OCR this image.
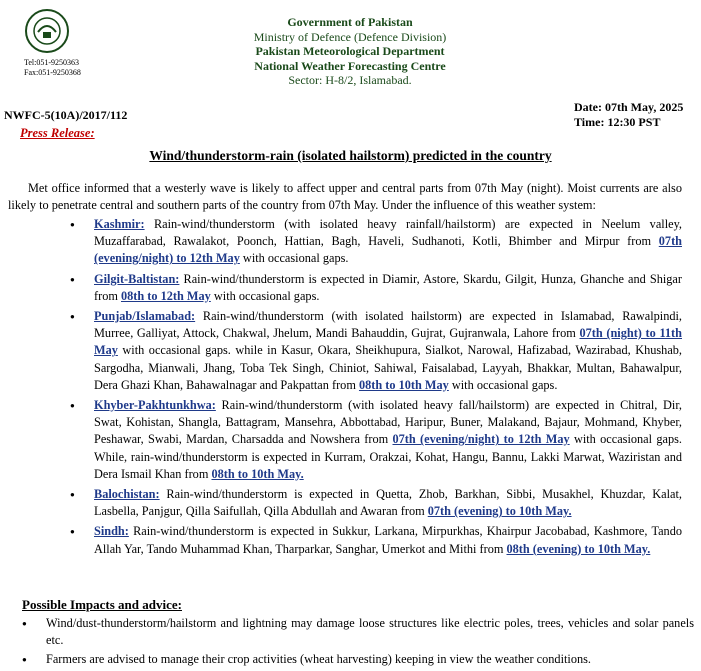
Tel:051-9250363
Fax:051-9250368
Government of Pakistan
Ministry of Defence (Defence Division)
Pakistan Meteorological Department
National Weather Forecasting Centre
Sector: H-8/2, Islamabad.
NWFC-5(10A)/2017/112
Date: 07th May, 2025
Time: 12:30 PST
Press Release:
Wind/thunderstorm-rain (isolated hailstorm) predicted in the country
Met office informed that a westerly wave is likely to affect upper and central parts from 07th May (night). Moist currents are also likely to penetrate central and southern parts of the country from 07th May. Under the influence of this weather system:
● Kashmir: Rain-wind/thunderstorm (with isolated heavy rainfall/hailstorm) are expected in Neelum valley, Muzaffarabad, Rawalakot, Poonch, Hattian, Bagh, Haveli, Sudhanoti, Kotli, Bhimber and Mirpur from 07th (evening/night) to 12th May with occasional gaps.
● Gilgit-Baltistan: Rain-wind/thunderstorm is expected in Diamir, Astore, Skardu, Gilgit, Hunza, Ghanche and Shigar from 08th to 12th May with occasional gaps.
● Punjab/Islamabad: Rain-wind/thunderstorm (with isolated hailstorm) are expected in Islamabad, Rawalpindi, Murree, Galliyat, Attock, Chakwal, Jhelum, Mandi Bahauddin, Gujrat, Gujranwala, Lahore from 07th (night) to 11th May with occasional gaps. while in Kasur, Okara, Sheikhupura, Sialkot, Narowal, Hafizabad, Wazirabad, Khushab, Sargodha, Mianwali, Jhang, Toba Tek Singh, Chiniot, Sahiwal, Faisalabad, Layyah, Bhakkar, Multan, Bahawalpur, Dera Ghazi Khan, Bahawalnagar and Pakpattan from 08th to 10th May with occasional gaps.
● Khyber-Pakhtunkhwa: Rain-wind/thunderstorm (with isolated heavy fall/hailstorm) are expected in Chitral, Dir, Swat, Kohistan, Shangla, Battagram, Mansehra, Abbottabad, Haripur, Buner, Malakand, Bajaur, Mohmand, Khyber, Peshawar, Swabi, Mardan, Charsadda and Nowshera from 07th (evening/night) to 12th May with occasional gaps. While, rain-wind/thunderstorm is expected in Kurram, Orakzai, Kohat, Hangu, Bannu, Lakki Marwat, Waziristan and Dera Ismail Khan from 08th to 10th May.
● Balochistan: Rain-wind/thunderstorm is expected in Quetta, Zhob, Barkhan, Sibbi, Musakhel, Khuzdar, Kalat, Lasbella, Panjgur, Qilla Saifullah, Qilla Abdullah and Awaran from 07th (evening) to 10th May.
● Sindh: Rain-wind/thunderstorm is expected in Sukkur, Larkana, Mirpurkhas, Khairpur Jacobabad, Kashmore, Tando Allah Yar, Tando Muhammad Khan, Tharparkar, Sanghar, Umerkot and Mithi from 08th (evening) to 10th May.
Possible Impacts and advice:
● Wind/dust-thunderstorm/hailstorm and lightning may damage loose structures like electric poles, trees, vehicles and solar panels etc.
● Farmers are advised to manage their crop activities (wheat harvesting) keeping in view the weather conditions.
